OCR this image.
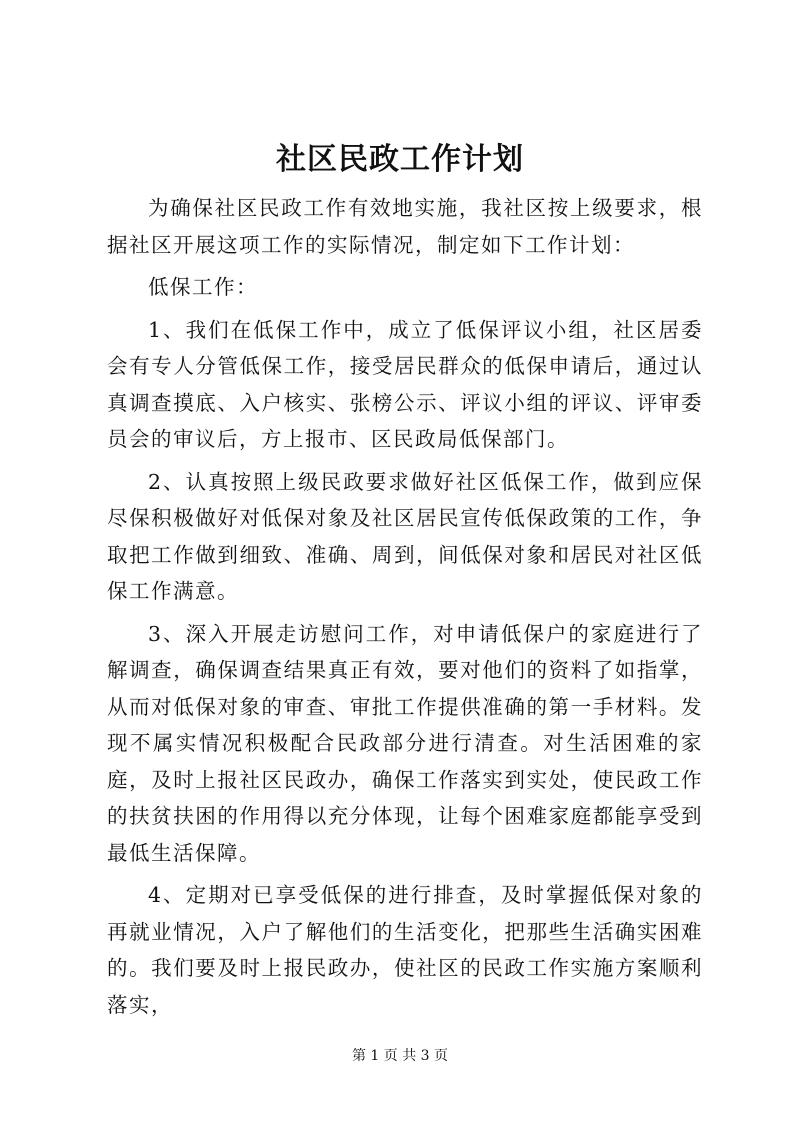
社区民政工作计划

为确保社区民政工作有效地实施，我社区按上级要求，根据社区开展这项工作的实际情况，制定如下工作计划：

低保工作：

1、我们在低保工作中，成立了低保评议小组，社区居委会有专人分管低保工作，接受居民群众的低保申请后，通过认真调查摸底、入户核实、张榜公示、评议小组的评议、评审委员会的审议后，方上报市、区民政局低保部门。

2、认真按照上级民政要求做好社区低保工作，做到应保尽保积极做好对低保对象及社区居民宣传低保政策的工作，争取把工作做到细致、准确、周到，间低保对象和居民对社区低保工作满意。

3、深入开展走访慰问工作，对申请低保户的家庭进行了解调查，确保调查结果真正有效，要对他们的资料了如指掌，从而对低保对象的审查、审批工作提供准确的第一手材料。发现不属实情况积极配合民政部分进行清查。对生活困难的家庭，及时上报社区民政办，确保工作落实到实处，使民政工作的扶贫扶困的作用得以充分体现，让每个困难家庭都能享受到最低生活保障。

4、定期对已享受低保的进行排查，及时掌握低保对象的再就业情况，入户了解他们的生活变化，把那些生活确实困难的。我们要及时上报民政办，使社区的民政工作实施方案顺利落实，

第 1 页 共 3 页
